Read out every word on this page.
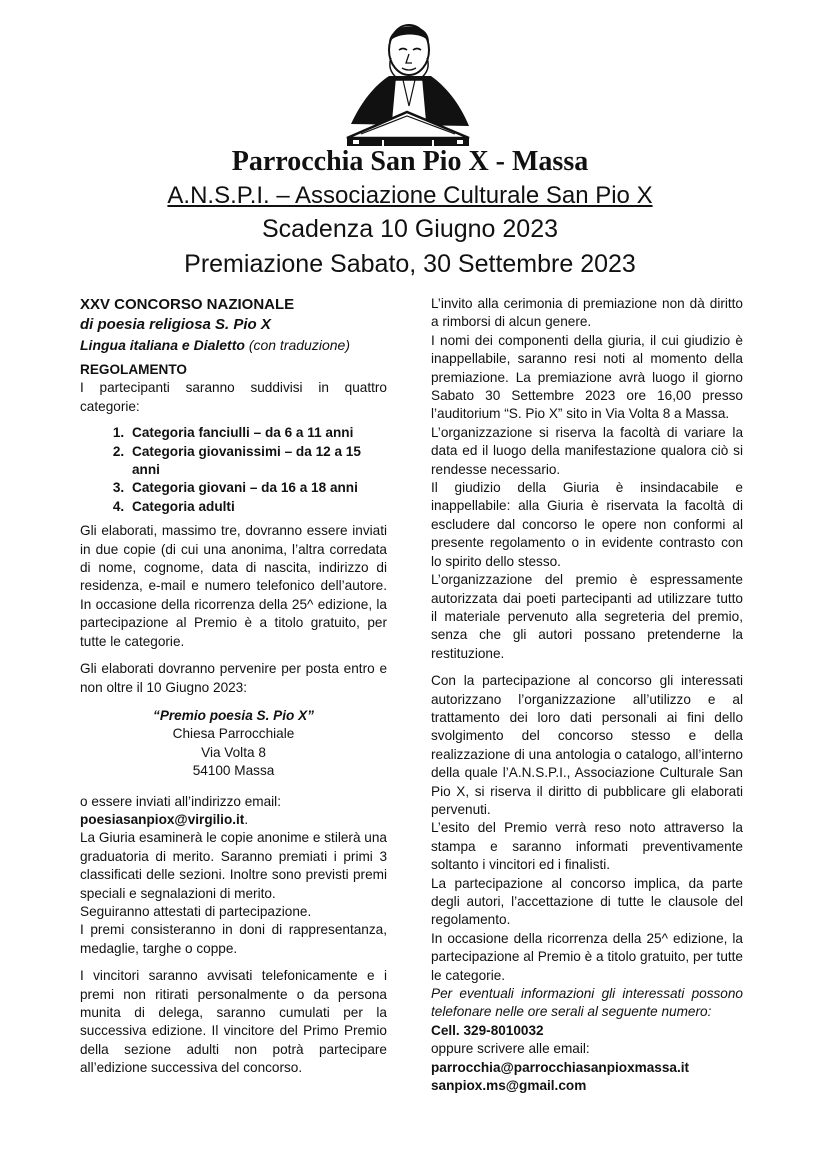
Parrocchia San Pio X - Massa
A.N.S.P.I. – Associazione Culturale San Pio X
Scadenza 10 Giugno 2023
Premiazione Sabato, 30 Settembre 2023

XXV CONCORSO NAZIONALE

di poesia religiosa S. Pio X

Lingua italiana e Dialetto (con traduzione)

REGOLAMENTO

I partecipanti saranno suddivisi in quattro categorie:

1. Categoria fanciulli – da 6 a 11 anni
2. Categoria giovanissimi – da 12 a 15 anni
3. Categoria giovani – da 16 a 18 anni
4. Categoria adulti

Gli elaborati, massimo tre, dovranno essere inviati in due copie (di cui una anonima, l’altra corredata di nome, cognome, data di nascita, indirizzo di residenza, e-mail e numero telefonico dell’autore. In occasione della ricorrenza della 25^ edizione, la partecipazione al Premio è a titolo gratuito, per tutte le categorie.

Gli elaborati dovranno pervenire per posta entro e non oltre il 10 Giugno 2023:

“Premio poesia S. Pio X”
Chiesa Parrocchiale
Via Volta 8
54100 Massa

o essere inviati all’indirizzo email:

poesiasanpiox@virgilio.it.

La Giuria esaminerà le copie anonime e stilerà una graduatoria di merito. Saranno premiati i primi 3 classificati delle sezioni. Inoltre sono previsti premi speciali e segnalazioni di merito.

Seguiranno attestati di partecipazione.

I premi consisteranno in doni di rappresentanza, medaglie, targhe o coppe.

I vincitori saranno avvisati telefonicamente e i premi non ritirati personalmente o da persona munita di delega, saranno cumulati per la successiva edizione. Il vincitore del Primo Premio della sezione adulti non potrà partecipare all’edizione successiva del concorso.

L’invito alla cerimonia di premiazione non dà diritto a rimborsi di alcun genere.

I nomi dei componenti della giuria, il cui giudizio è inappellabile, saranno resi noti al momento della premiazione. La premiazione avrà luogo il giorno Sabato 30 Settembre 2023 ore 16,00 presso l’auditorium “S. Pio X” sito in Via Volta 8 a Massa.

L’organizzazione si riserva la facoltà di variare la data ed il luogo della manifestazione qualora ciò si rendesse necessario.

Il giudizio della Giuria è insindacabile e inappellabile: alla Giuria è riservata la facoltà di escludere dal concorso le opere non conformi al presente regolamento o in evidente contrasto con lo spirito dello stesso.

L’organizzazione del premio è espressamente autorizzata dai poeti partecipanti ad utilizzare tutto il materiale pervenuto alla segreteria del premio, senza che gli autori possano pretenderne la restituzione.

Con la partecipazione al concorso gli interessati autorizzano l’organizzazione all’utilizzo e al trattamento dei loro dati personali ai fini dello svolgimento del concorso stesso e della realizzazione di una antologia o catalogo, all’interno della quale l’A.N.S.P.I., Associazione Culturale San Pio X, si riserva il diritto di pubblicare gli elaborati pervenuti.

L’esito del Premio verrà reso noto attraverso la stampa e saranno informati preventivamente soltanto i vincitori ed i finalisti.

La partecipazione al concorso implica, da parte degli autori, l’accettazione di tutte le clausole del regolamento.

In occasione della ricorrenza della 25^ edizione, la partecipazione al Premio è a titolo gratuito, per tutte le categorie.

Per eventuali informazioni gli interessati possono telefonare nelle ore serali al seguente numero:

Cell. 329-8010032

oppure scrivere alle email:

parrocchia@parrocchiasanpioxmassa.it

sanpiox.ms@gmail.com
